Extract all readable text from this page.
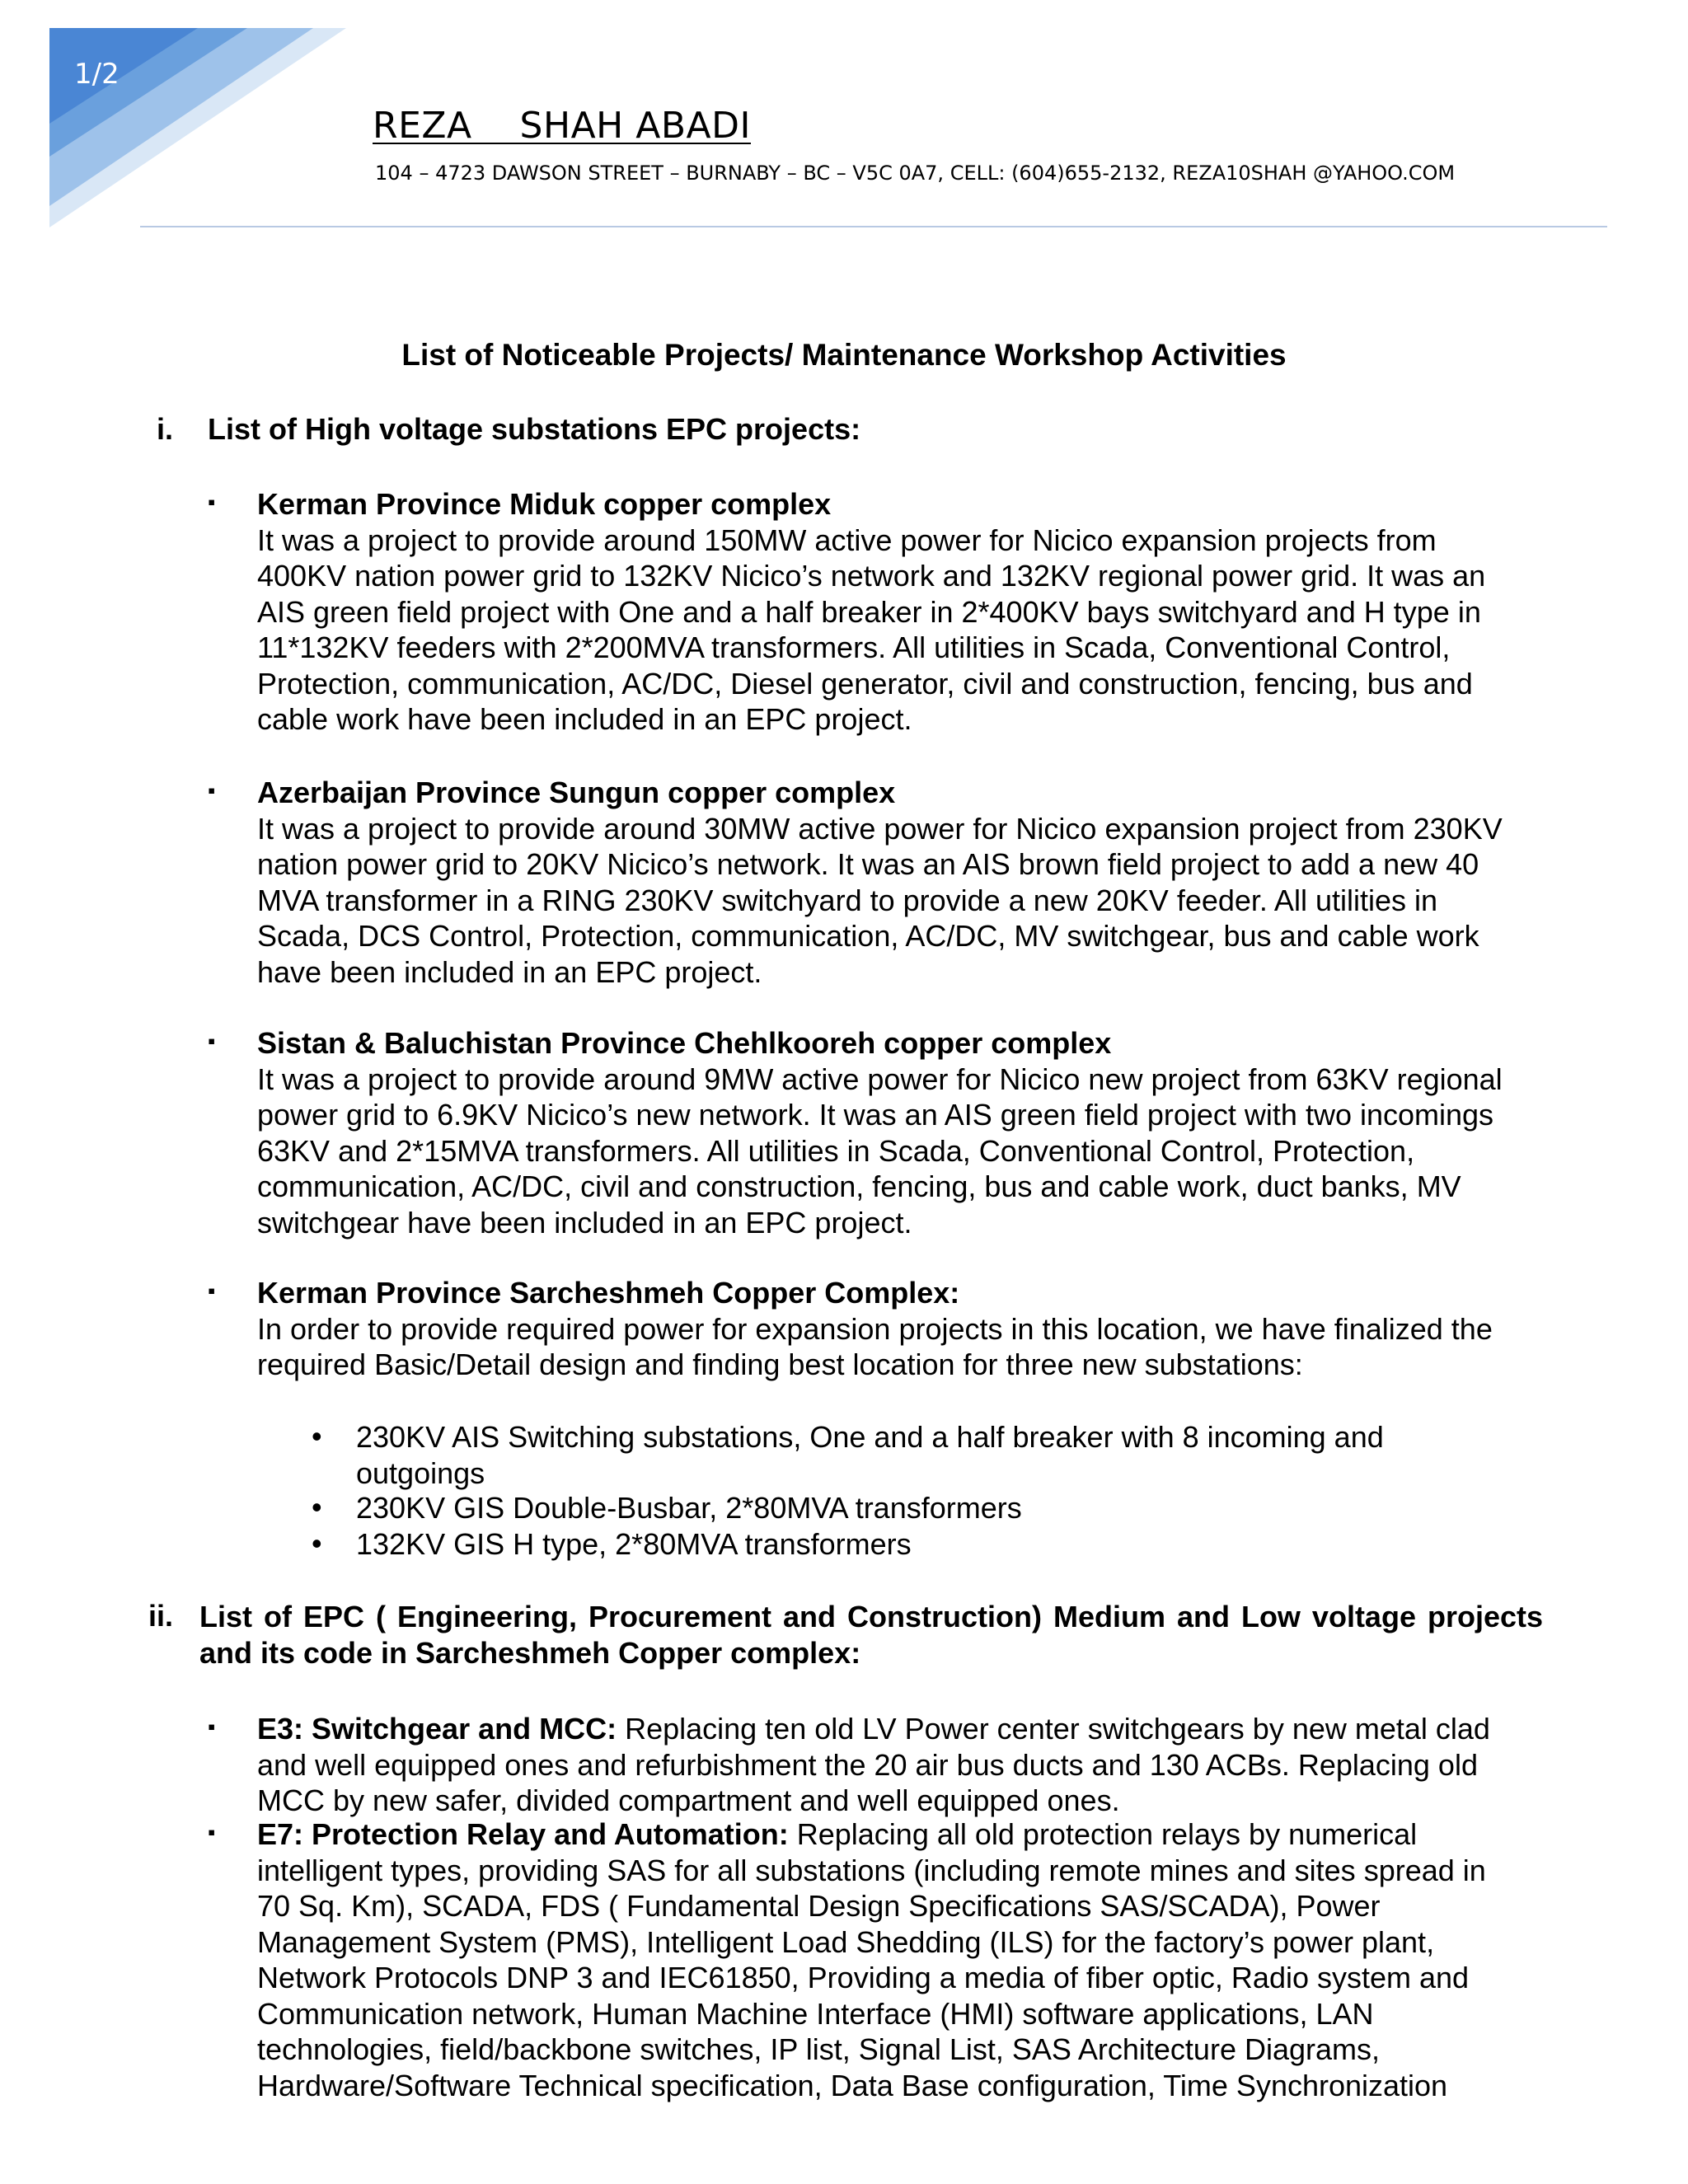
1/2
REZA    SHAH ABADI
104 – 4723 DAWSON STREET – BURNABY – BC – V5C 0A7, CELL: (604)655-2132, REZA10SHAH @YAHOO.COM
List of Noticeable Projects/ Maintenance Workshop Activities
i. List of High voltage substations EPC projects:
▪ Kerman Province Miduk copper complex

It was a project to provide around 150MW active power for Nicico expansion projects from 400KV nation power grid to 132KV Nicico’s network and 132KV regional power grid. It was an AIS green field project with One and a half breaker in 2*400KV bays switchyard and H type in 11*132KV feeders with 2*200MVA transformers. All utilities in Scada, Conventional Control, Protection, communication, AC/DC, Diesel generator, civil and construction, fencing, bus and cable work have been included in an EPC project.

▪ Azerbaijan Province Sungun copper complex

It was a project to provide around 30MW active power for Nicico expansion project from 230KV nation power grid to 20KV Nicico’s network. It was an AIS brown field project to add a new 40 MVA transformer in a RING 230KV switchyard to provide a new 20KV feeder. All utilities in Scada, DCS Control, Protection, communication, AC/DC, MV switchgear, bus and cable work have been included in an EPC project.

▪ Sistan & Baluchistan Province Chehlkooreh copper complex

It was a project to provide around 9MW active power for Nicico new project from 63KV regional power grid to 6.9KV Nicico’s new network. It was an AIS green field project with two incomings 63KV and 2*15MVA transformers. All utilities in Scada, Conventional Control, Protection, communication, AC/DC, civil and construction, fencing, bus and cable work, duct banks, MV switchgear have been included in an EPC project.

▪ Kerman Province Sarcheshmeh Copper Complex:

In order to provide required power for expansion projects in this location, we have finalized the required Basic/Detail design and finding best location for three new substations:

• 230KV AIS Switching substations, One and a half breaker with 8 incoming and outgoings
• 230KV GIS Double-Busbar, 2*80MVA transformers
• 132KV GIS H type, 2*80MVA transformers
ii. List of EPC ( Engineering, Procurement and Construction) Medium and Low voltage projects and its code in Sarcheshmeh Copper complex:
▪ E3: Switchgear and MCC: Replacing ten old LV Power center switchgears by new metal clad and well equipped ones and refurbishment the 20 air bus ducts and 130 ACBs. Replacing old MCC by new safer, divided compartment and well equipped ones.

▪ E7: Protection Relay and Automation: Replacing all old protection relays by numerical intelligent types, providing SAS for all substations (including remote mines and sites spread in 70 Sq. Km), SCADA, FDS ( Fundamental Design Specifications SAS/SCADA), Power Management System (PMS), Intelligent Load Shedding (ILS) for the factory’s power plant, Network Protocols DNP 3 and IEC61850, Providing a media of fiber optic, Radio system and Communication network, Human Machine Interface (HMI) software applications, LAN technologies, field/backbone switches, IP list, Signal List, SAS Architecture Diagrams, Hardware/Software Technical specification, Data Base configuration, Time Synchronization
